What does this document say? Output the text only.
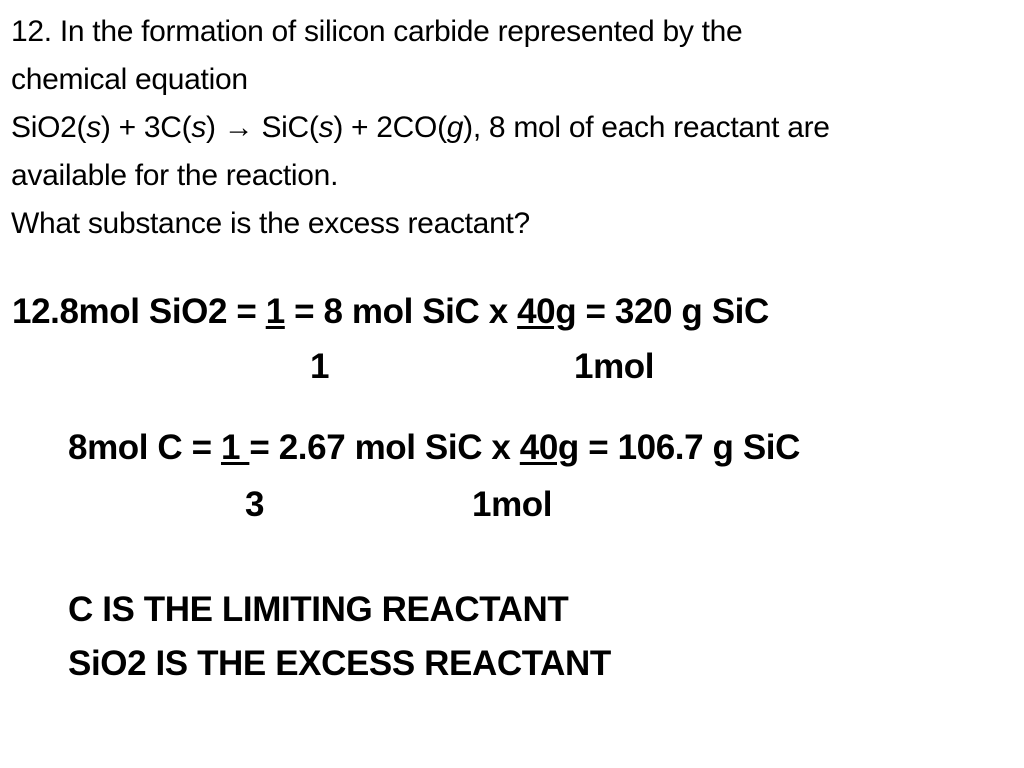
12. In the formation of silicon carbide represented by the
chemical equation
SiO2(s) + 3C(s) → SiC(s) + 2CO(g), 8 mol of each reactant are
available for the reaction.
What substance is the excess reactant?
12.8mol SiO2 = 1 = 8 mol SiC x 40g = 320 g SiC
1	1mol
8mol C = 1 = 2.67 mol SiC x 40g = 106.7 g SiC
3	1mol
C IS THE LIMITING REACTANT
SiO2 IS THE EXCESS REACTANT
